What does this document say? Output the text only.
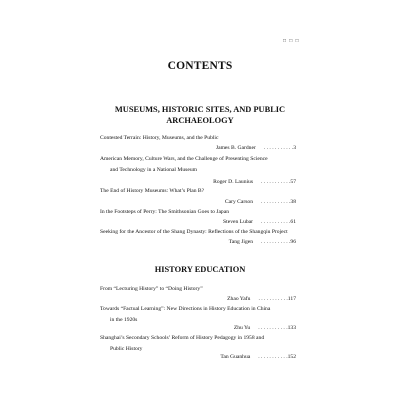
□ □ □
CONTENTS
MUSEUMS, HISTORIC SITES, AND PUBLIC
ARCHAEOLOGY
Contested Terrain: History, Museums, and the Public
James B. Gardner . . . . . . . . . . .3
American Memory, Culture Wars, and the Challenge of Presenting Science
and Technology in a National Museum
Roger D. Launius . . . . . . . . . . .57
The End of History Museums: What’s Plan B?
Cary Carson . . . . . . . . . . .38
In the Footsteps of Perry: The Smithsonian Goes to Japan
Steven Lubar . . . . . . . . . . .61
Seeking for the Ancestor of the Shang Dynasty: Reflections of the Shangqiu Project
Tang Jigen . . . . . . . . . . .96
HISTORY EDUCATION
From “Lecturing History” to “Doing History”
Zhao Yafu . . . . . . . . . . .117
Towards “Factual Learning”: New Directions in History Education in China
in the 1920s
Zhu Yu . . . . . . . . . . .133
Shanghai’s Secondary Schools’ Reform of History Pedagogy in 1958 and
Public History
Tan Guanhua . . . . . . . . . . .152
